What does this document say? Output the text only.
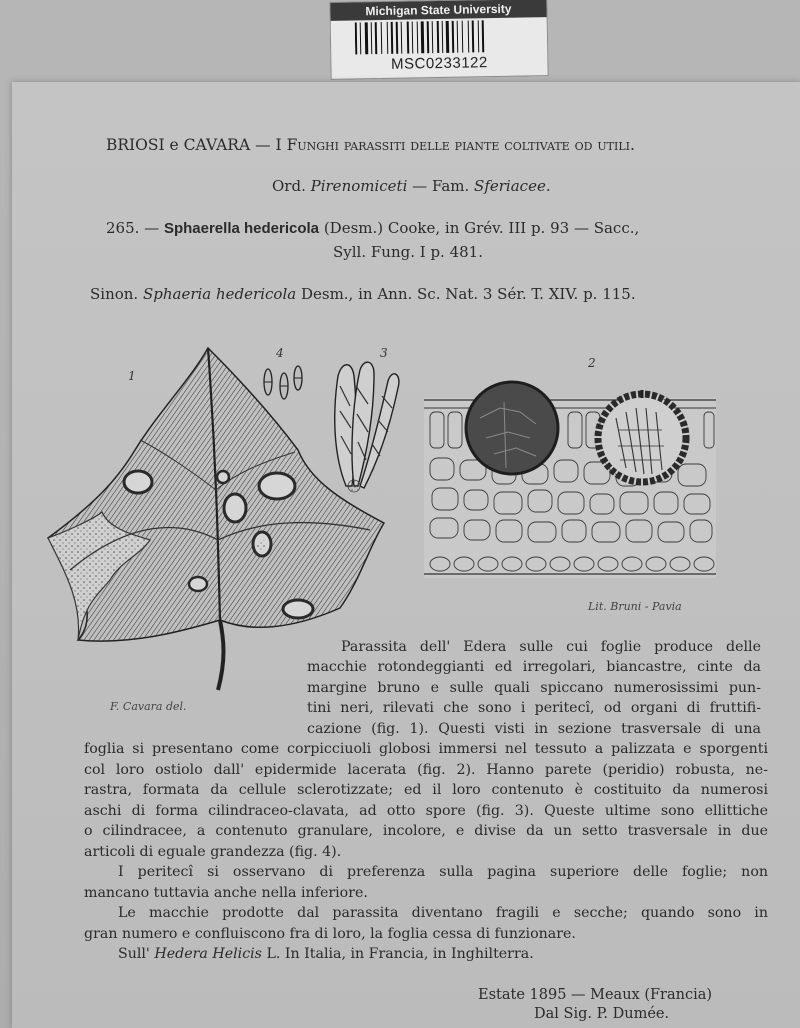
Michigan State University
MSC0233122
BRIOSI e CAVARA — I Funghi parassiti delle piante coltivate od utili.
Ord. Pirenomiceti — Fam. Sferiacee.
265. — Sphaerella hedericola (Desm.) Cooke, in Grév. III p. 93 — Sacc.,
Syll. Fung. I p. 481.
Sinon. Sphaeria hedericola Desm., in Ann. Sc. Nat. 3 Sér. T. XIV. p. 115.
1
4	3
2
Lit. Bruni - Pavia
F. Cavara del.

Parassita dell' Edera sulle cui foglie produce delle

macchie rotondeggianti ed irregolari, biancastre, cinte da

margine bruno e sulle quali spiccano numerosissimi pun-

tini neri, rilevati che sono i peritecî, od organi di fruttifi-

cazione (fig. 1). Questi visti in sezione trasversale di una

foglia si presentano come corpicciuoli globosi immersi nel tessuto a palizzata e sporgenti

col loro ostiolo dall' epidermide lacerata (fig. 2). Hanno parete (peridio) robusta, ne-

rastra, formata da cellule sclerotizzate; ed il loro contenuto è costituito da numerosi

aschi di forma cilindraceo-clavata, ad otto spore (fig. 3). Queste ultime sono ellittiche

o cilindracee, a contenuto granulare, incolore, e divise da un setto trasversale in due

articoli di eguale grandezza (fig. 4).

I peritecî si osservano di preferenza sulla pagina superiore delle foglie; non

mancano tuttavia anche nella inferiore.

Le macchie prodotte dal parassita diventano fragili e secche; quando sono in

gran numero e confluiscono fra di loro, la foglia cessa di funzionare.

Sull' Hedera Helicis L. In Italia, in Francia, in Inghilterra.

Estate 1895 — Meaux (Francia)
Dal Sig. P. Dumée.
